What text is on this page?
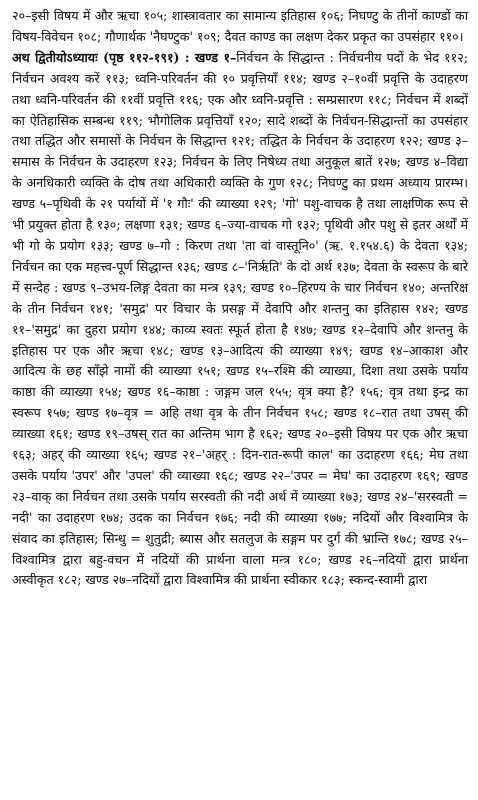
२०–इसी विषय में और ऋचा १०५; शास्त्रावतार का सामान्य इतिहास १०६; निघण्टु के तीनों काण्डों का विषय-विवेचन १०८; गौणार्थक 'नैघण्टुक' १०९; दैवत काण्ड का लक्षण देकर प्रकृत का उपसंहार ११०।

अथ द्वितीयोऽध्यायः (पृष्ठ ११२-१९१) : खण्ड १–निर्वचन के सिद्धान्त : निर्वचनीय पदों के भेद ११२; निर्वचन अवश्य करें ११३; ध्वनि-परिवर्तन की १० प्रवृत्तियाँ ११४; खण्ड २–१०वीं प्रवृत्ति के उदाहरण तथा ध्वनि-परिवर्तन की ११वीं प्रवृत्ति ११६; एक और ध्वनि-प्रवृत्ति : सम्प्रसारण ११८; निर्वचन में शब्दों का ऐतिहासिक सम्बन्ध ११९; भौगोलिक प्रवृत्तियाँ १२०; सादे शब्दों के निर्वचन-सिद्धान्तों का उपसंहार तथा तद्धित और समासों के निर्वचन के सिद्धान्त १२१; तद्धित के निर्वचन के उदाहरण १२२; खण्ड ३–समास के निर्वचन के उदाहरण १२३; निर्वचन के लिए निषेध्य तथा अनुकूल बातें १२७; खण्ड ४–विद्या के अनधिकारी व्यक्ति के दोष तथा अधिकारी व्यक्ति के गुण १२८; निघण्टु का प्रथम अध्याय प्रारम्भ। खण्ड ५–पृथिवी के २१ पर्यायों में '१ गौः' की व्याख्या १२९; 'गो' पशु-वाचक है तथा लाक्षणिक रूप से भी प्रयुक्त होता है १३०; लक्षणा १३१; खण्ड ६–ज्या-वाचक गो १३२; पृथिवी और पशु से इतर अर्थों में भी गो के प्रयोग १३३; खण्ड ७–गो : किरण तथा 'ता वां वास्तूनि०' (ऋ. १.१५४.६) के देवता १३४; निर्वचन का एक महत्त्व-पूर्ण सिद्धान्त १३६; खण्ड ८–'निर्ऋति' के दो अर्थ १३७; देवता के स्वरूप के बारे में सन्देह : खण्ड ९–उभय-लिङ्ग देवता का मन्त्र १३९; खण्ड १०–हिरण्य के चार निर्वचन १४०; अन्तरिक्ष के तीन निर्वचन १४१; 'समुद्र' पर विचार के प्रसङ्ग में देवापि और शन्तनु का इतिहास १४२; खण्ड ११–'समुद्र' का दुहरा प्रयोग १४४; काव्य स्वतः स्फूर्त होता है १४७; खण्ड १२–देवापि और शन्तनु के इतिहास पर एक और ऋचा १४८; खण्ड १३–आदित्य की व्याख्या १४९; खण्ड १४–आकाश और आदित्य के छह साँझे नामों की व्याख्या १५१; खण्ड १५–रश्मि की व्याख्या, दिशा तथा उसके पर्याय काष्ठा की व्याख्या १५४; खण्ड १६–काष्ठा : जङ्गम जल १५५; वृत्र क्या है? १५६; वृत्र तथा इन्द्र का स्वरूप १५७; खण्ड १७–वृत्र = अहि तथा वृत्र के तीन निर्वचन १५८; खण्ड १८–रात तथा उषस् की व्याख्या १६१; खण्ड १९–उषस् रात का अन्तिम भाग है १६२; खण्ड २०–इसी विषय पर एक और ऋचा १६३; अहर् की व्याख्या १६५; खण्ड २१–'अहर् : दिन-रात-रूपी काल' का उदाहरण १६६; मेघ तथा उसके पर्याय 'उपर' और 'उपल' की व्याख्या १६८; खण्ड २२–'उपर = मेघ' का उदाहरण १६९; खण्ड २३–वाक् का निर्वचन तथा उसके पर्याय सरस्वती की नदी अर्थ में व्याख्या १७३; खण्ड २४–'सरस्वती = नदी' का उदाहरण १७४; उदक का निर्वचन १७६; नदी की व्याख्या १७७; नदियों और विश्वामित्र के संवाद का इतिहास; सिन्धु = शुतुद्री; ब्यास और सतलुज के सङ्गम पर दुर्ग की भ्रान्ति १७८; खण्ड २५–विश्वामित्र द्वारा बहु-वचन में नदियों की प्रार्थना वाला मन्त्र १८०; खण्ड २६–नदियों द्वारा प्रार्थना अस्वीकृत १८२; खण्ड २७–नदियों द्वारा विश्वामित्र की प्रार्थना स्वीकार १८३; स्कन्द-स्वामी द्वारा
